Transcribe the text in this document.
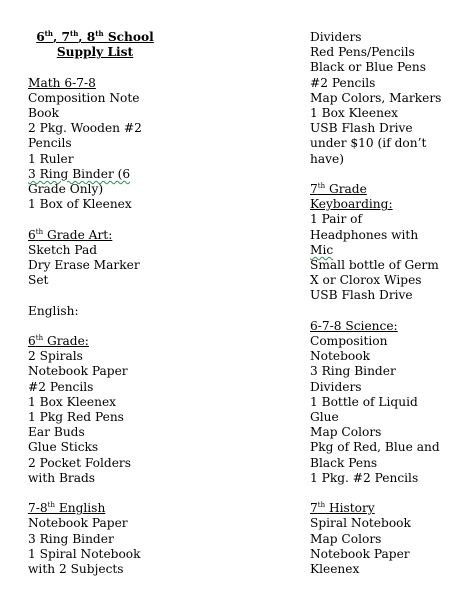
6th, 7th, 8th School
Supply List
Math 6-7-8
Composition Note
Book
2 Pkg. Wooden #2
Pencils
1 Ruler
3 Ring Binder (6
Grade Only)
1 Box of Kleenex
6th Grade Art:
Sketch Pad
Dry Erase Marker
Set
English:
6th Grade:
2 Spirals
Notebook Paper
#2 Pencils
1 Box Kleenex
1 Pkg Red Pens
Ear Buds
Glue Sticks
2 Pocket Folders
with Brads
7-8th English
Notebook Paper
3 Ring Binder
1 Spiral Notebook
with 2 Subjects
Dividers
Red Pens/Pencils
Black or Blue Pens
#2 Pencils
Map Colors, Markers
1 Box Kleenex
USB Flash Drive
under $10 (if don’t
have)
7th Grade
Keyboarding:
1 Pair of
Headphones with
Mic
Small bottle of Germ
X or Clorox Wipes
USB Flash Drive
6-7-8 Science:
Composition
Notebook
3 Ring Binder
Dividers
1 Bottle of Liquid
Glue
Map Colors
Pkg of Red, Blue and
Black Pens
1 Pkg. #2 Pencils
7th History
Spiral Notebook
Map Colors
Notebook Paper
Kleenex
